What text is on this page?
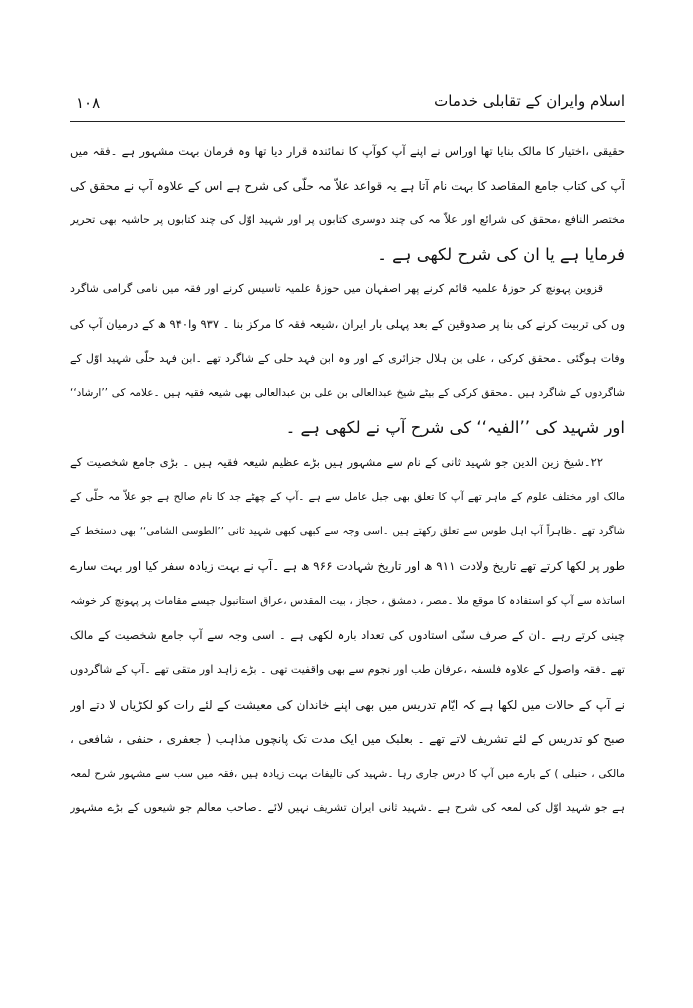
۱۰۸	اسلام وایران کے تقابلی خدمات

حقیقی ،اختیار کا مالک بنایا تھا اوراس نے اپنے آپ کوآپ کا نمائندہ قرار دیا تھا وہ فرمان بہت مشہور ہے ۔فقہ میں
آپ کی کتاب جامع المقاصد کا بہت نام آتا ہے یہ قواعد علاّ مہ حلّی کی شرح ہے اس کے علاوہ آپ نے محقق کی
مختصر النافع ،محقق کی شرائع اور علاّ مہ کی چند دوسری کتابوں پر اور شہید اوّل کی چند کتابوں پر حاشیہ بھی تحریر
فرمایا ہے یا ان کی شرح لکھی ہے ۔

قزوین پہونچ کر حوزۂ علمیہ قائم کرنے پھر اصفہان میں حوزۂ علمیہ تاسیس کرنے اور فقہ میں نامی گرامی شاگرد
وں کی تربیت کرنے کی بنا پر صدوقین کے بعد پہلی بار ایران ،شیعہ فقہ کا مرکز بنا ۔ ۹۳۷ وا۹۴۰ ھ کے درمیان آپ کی
وفات ہوگئی ۔محقق کرکی ، علی بن ہلال جزائری کے اور وہ ابن فہد حلی کے شاگرد تھے ۔ابن فہد حلّی شہید اوّل کے
شاگردوں کے شاگرد ہیں ۔محقق کرکی کے بیٹے شیخ عبدالعالی بن علی بن عبدالعالی بھی شیعہ فقیہ ہیں ۔علامہ کی ’’ارشاد‘‘
اور شہید کی ’’الفیہ‘‘ کی شرح آپ نے لکھی ہے ۔

۲۲۔شیخ زین الدین جو شہید ثانی کے نام سے مشہور ہیں بڑے عظیم شیعہ فقیہ ہیں ۔ بڑی جامع شخصیت کے
مالک اور مختلف علوم کے ماہر تھے آپ کا تعلق بھی جبل عامل سے ہے ۔آپ کے چھٹے جد کا نام صالح ہے جو علاّ مہ حلّی کے
شاگرد تھے ۔ظاہراً آپ اہل طوس سے تعلق رکھتے ہیں ۔اسی وجہ سے کبھی کبھی شہید ثانی ’’الطوسی الشامی‘‘ بھی دستخط کے
طور پر لکھا کرتے تھے تاریخ ولادت ۹۱۱ ھ اور تاریخ شہادت ۹۶۶ ھ ہے ۔آپ نے بہت زیادہ سفر کیا اور بہت سارے
اساتذہ سے آپ کو استفادہ کا موقع ملا ۔مصر ، دمشق ، حجاز ، بیت المقدس ،عراق استانبول جیسے مقامات پر پہونچ کر خوشہ
چینی کرتے رہے ۔ان کے صرف سنّی استادوں کی تعداد بارہ لکھی ہے ۔ اسی وجہ سے آپ جامع شخصیت کے مالک
تھے ۔فقہ واصول کے علاوہ فلسفہ ،عرفان طب اور نجوم سے بھی واقفیت تھی ۔ بڑے زاہد اور متقی تھے ۔آپ کے شاگردوں
نے آپ کے حالات میں لکھا ہے کہ ایّام تدریس میں بھی اپنے خاندان کی معیشت کے لئے رات کو لکڑیاں لا دتے اور
صبح کو تدریس کے لئے تشریف لاتے تھے ۔ بعلبک میں ایک مدت تک پانچوں مذاہب ( جعفری ، حنفی ، شافعی ،
مالکی ، حنبلی ) کے بارے میں آپ کا درس جاری رہا ۔شہید کی تالیفات بہت زیادہ ہیں ،فقہ میں سب سے مشہور شرح لمعہ
ہے جو شہید اوّل کی لمعہ کی شرح ہے ۔شہید ثانی ایران تشریف نہیں لائے ۔صاحب معالم جو شیعوں کے بڑے مشہور
